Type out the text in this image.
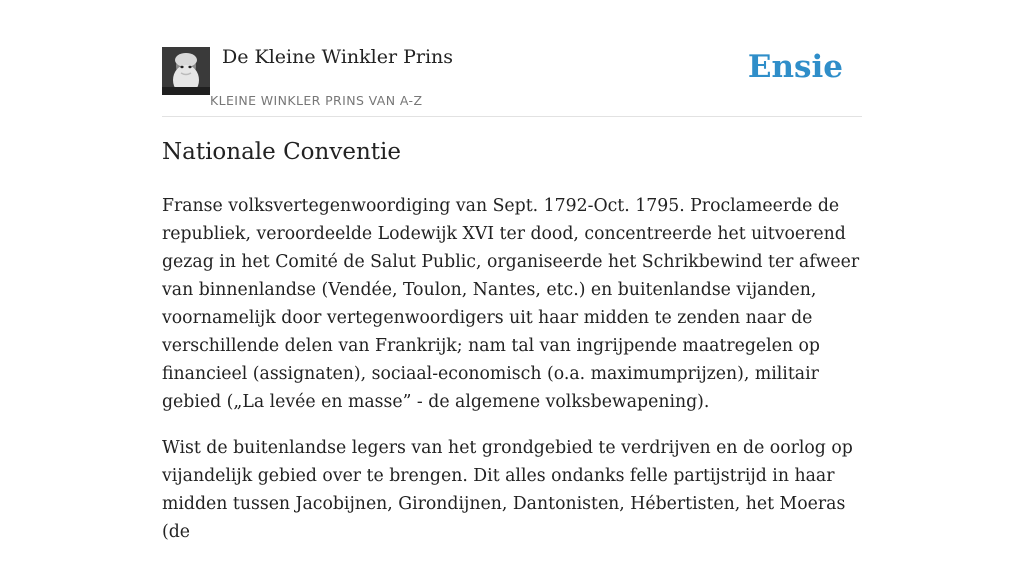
De Kleine Winkler Prins
KLEINE WINKLER PRINS VAN A-Z
Ensie
Nationale Conventie

Franse volksvertegenwoordiging van Sept. 1792-Oct. 1795. Proclameerde de republiek, veroordeelde Lodewijk XVI ter dood, concentreerde het uitvoerend gezag in het Comité de Salut Public, organiseerde het Schrikbewind ter afweer van binnenlandse (Vendée, Toulon, Nantes, etc.) en buitenlandse vijanden, voornamelijk door vertegenwoordigers uit haar midden te zenden naar de verschillende delen van Frankrijk; nam tal van ingrijpende maatregelen op financieel (assignaten), sociaal-economisch (o.a. maximumprijzen), militair gebied („La levée en masse” - de algemene volksbewapening).

Wist de buitenlandse legers van het grondgebied te verdrijven en de oorlog op vijandelijk gebied over te brengen. Dit alles ondanks felle partijstrijd in haar midden tussen Jacobijnen, Girondijnen, Dantonisten, Hébertisten, het Moeras (de
